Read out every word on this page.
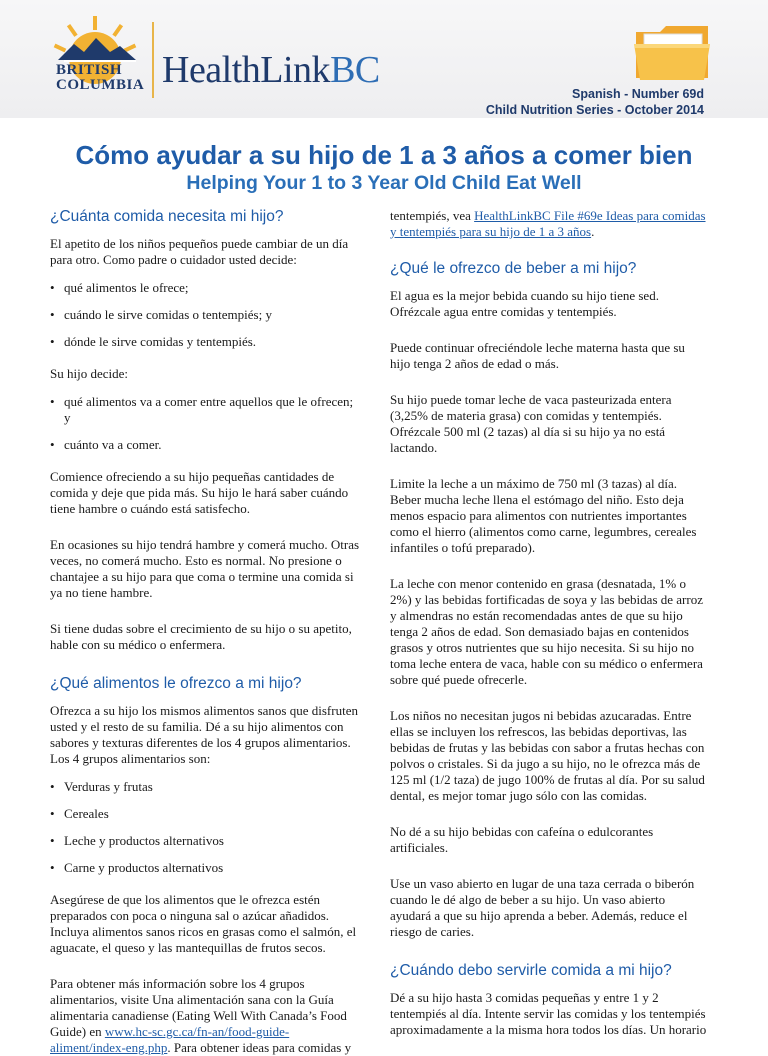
BRITISH
COLUMBIA HealthLinkBC
Spanish - Number 69d
Child Nutrition Series - October 2014
Cómo ayudar a su hijo de 1 a 3 años a comer bien
Helping Your 1 to 3 Year Old Child Eat Well
¿Cuánta comida necesita mi hijo?

El apetito de los niños pequeños puede cambiar de un día para otro. Como padre o cuidador usted decide:

• qué alimentos le ofrece;
• cuándo le sirve comidas o tentempiés; y
• dónde le sirve comidas y tentempiés.

Su hijo decide:

• qué alimentos va a comer entre aquellos que le ofrecen; y
• cuánto va a comer.

Comience ofreciendo a su hijo pequeñas cantidades de comida y deje que pida más. Su hijo le hará saber cuándo tiene hambre o cuándo está satisfecho.

En ocasiones su hijo tendrá hambre y comerá mucho. Otras veces, no comerá mucho. Esto es normal. No presione o chantajee a su hijo para que coma o termine una comida si ya no tiene hambre.

Si tiene dudas sobre el crecimiento de su hijo o su apetito, hable con su médico o enfermera.

¿Qué alimentos le ofrezco a mi hijo?

Ofrezca a su hijo los mismos alimentos sanos que disfruten usted y el resto de su familia. Dé a su hijo alimentos con sabores y texturas diferentes de los 4 grupos alimentarios. Los 4 grupos alimentarios son:

• Verduras y frutas
• Cereales
• Leche y productos alternativos
• Carne y productos alternativos

Asegúrese de que los alimentos que le ofrezca estén preparados con poca o ninguna sal o azúcar añadidos. Incluya alimentos sanos ricos en grasas como el salmón, el aguacate, el queso y las mantequillas de frutos secos.

Para obtener más información sobre los 4 grupos alimentarios, visite Una alimentación sana con la Guía alimentaria canadiense (Eating Well With Canada’s Food Guide) en www.hc-sc.gc.ca/fn-an/food-guide-aliment/index-eng.php. Para obtener ideas para comidas y

tentempiés, vea HealthLinkBC File #69e Ideas para comidas y tentempiés para su hijo de 1 a 3 años.

¿Qué le ofrezco de beber a mi hijo?

El agua es la mejor bebida cuando su hijo tiene sed. Ofrézcale agua entre comidas y tentempiés.

Puede continuar ofreciéndole leche materna hasta que su hijo tenga 2 años de edad o más.

Su hijo puede tomar leche de vaca pasteurizada entera (3,25% de materia grasa) con comidas y tentempiés. Ofrézcale 500 ml (2 tazas) al día si su hijo ya no está lactando.

Limite la leche a un máximo de 750 ml (3 tazas) al día. Beber mucha leche llena el estómago del niño. Esto deja menos espacio para alimentos con nutrientes importantes como el hierro (alimentos como carne, legumbres, cereales infantiles o tofú preparado).

La leche con menor contenido en grasa (desnatada, 1% o 2%) y las bebidas fortificadas de soya y las bebidas de arroz y almendras no están recomendadas antes de que su hijo tenga 2 años de edad. Son demasiado bajas en contenidos grasos y otros nutrientes que su hijo necesita. Si su hijo no toma leche entera de vaca, hable con su médico o enfermera sobre qué puede ofrecerle.

Los niños no necesitan jugos ni bebidas azucaradas. Entre ellas se incluyen los refrescos, las bebidas deportivas, las bebidas de frutas y las bebidas con sabor a frutas hechas con polvos o cristales. Si da jugo a su hijo, no le ofrezca más de 125 ml (1/2 taza) de jugo 100% de frutas al día. Por su salud dental, es mejor tomar jugo sólo con las comidas.

No dé a su hijo bebidas con cafeína o edulcorantes artificiales.

Use un vaso abierto en lugar de una taza cerrada o biberón cuando le dé algo de beber a su hijo. Un vaso abierto ayudará a que su hijo aprenda a beber. Además, reduce el riesgo de caries.

¿Cuándo debo servirle comida a mi hijo?

Dé a su hijo hasta 3 comidas pequeñas y entre 1 y 2 tentempiés al día. Intente servir las comidas y los tentempiés aproximadamente a la misma hora todos los días. Un horario
